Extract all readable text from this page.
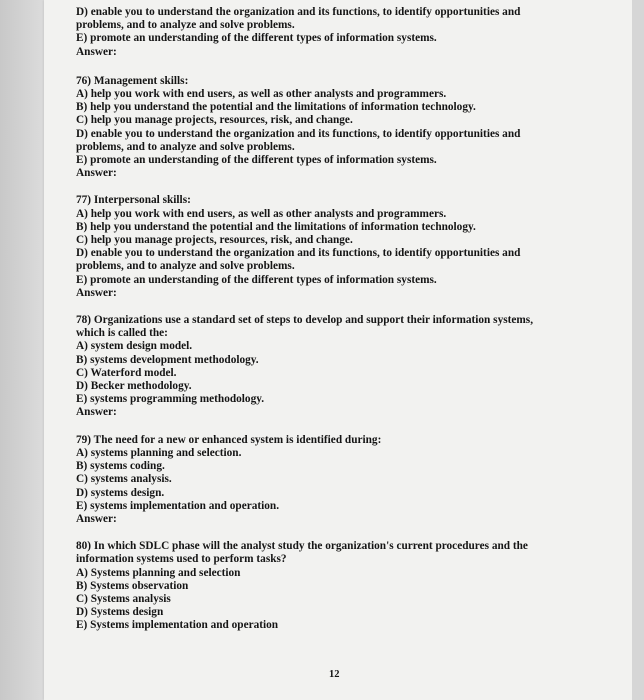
D) enable you to understand the organization and its functions, to identify opportunities and
problems, and to analyze and solve problems.
E) promote an understanding of the different types of information systems.
Answer:
76) Management skills:
A) help you work with end users, as well as other analysts and programmers.
B) help you understand the potential and the limitations of information technology.
C) help you manage projects, resources, risk, and change.
D) enable you to understand the organization and its functions, to identify opportunities and
problems, and to analyze and solve problems.
E) promote an understanding of the different types of information systems.
Answer:
77) Interpersonal skills:
A) help you work with end users, as well as other analysts and programmers.
B) help you understand the potential and the limitations of information technology.
C) help you manage projects, resources, risk, and change.
D) enable you to understand the organization and its functions, to identify opportunities and
problems, and to analyze and solve problems.
E) promote an understanding of the different types of information systems.
Answer:
78) Organizations use a standard set of steps to develop and support their information systems,
which is called the:
A) system design model.
B) systems development methodology.
C) Waterford model.
D) Becker methodology.
E) systems programming methodology.
Answer:
79) The need for a new or enhanced system is identified during:
A) systems planning and selection.
B) systems coding.
C) systems analysis.
D) systems design.
E) systems implementation and operation.
Answer:
80) In which SDLC phase will the analyst study the organization's current procedures and the
information systems used to perform tasks?
A) Systems planning and selection
B) Systems observation
C) Systems analysis
D) Systems design
E) Systems implementation and operation
12
